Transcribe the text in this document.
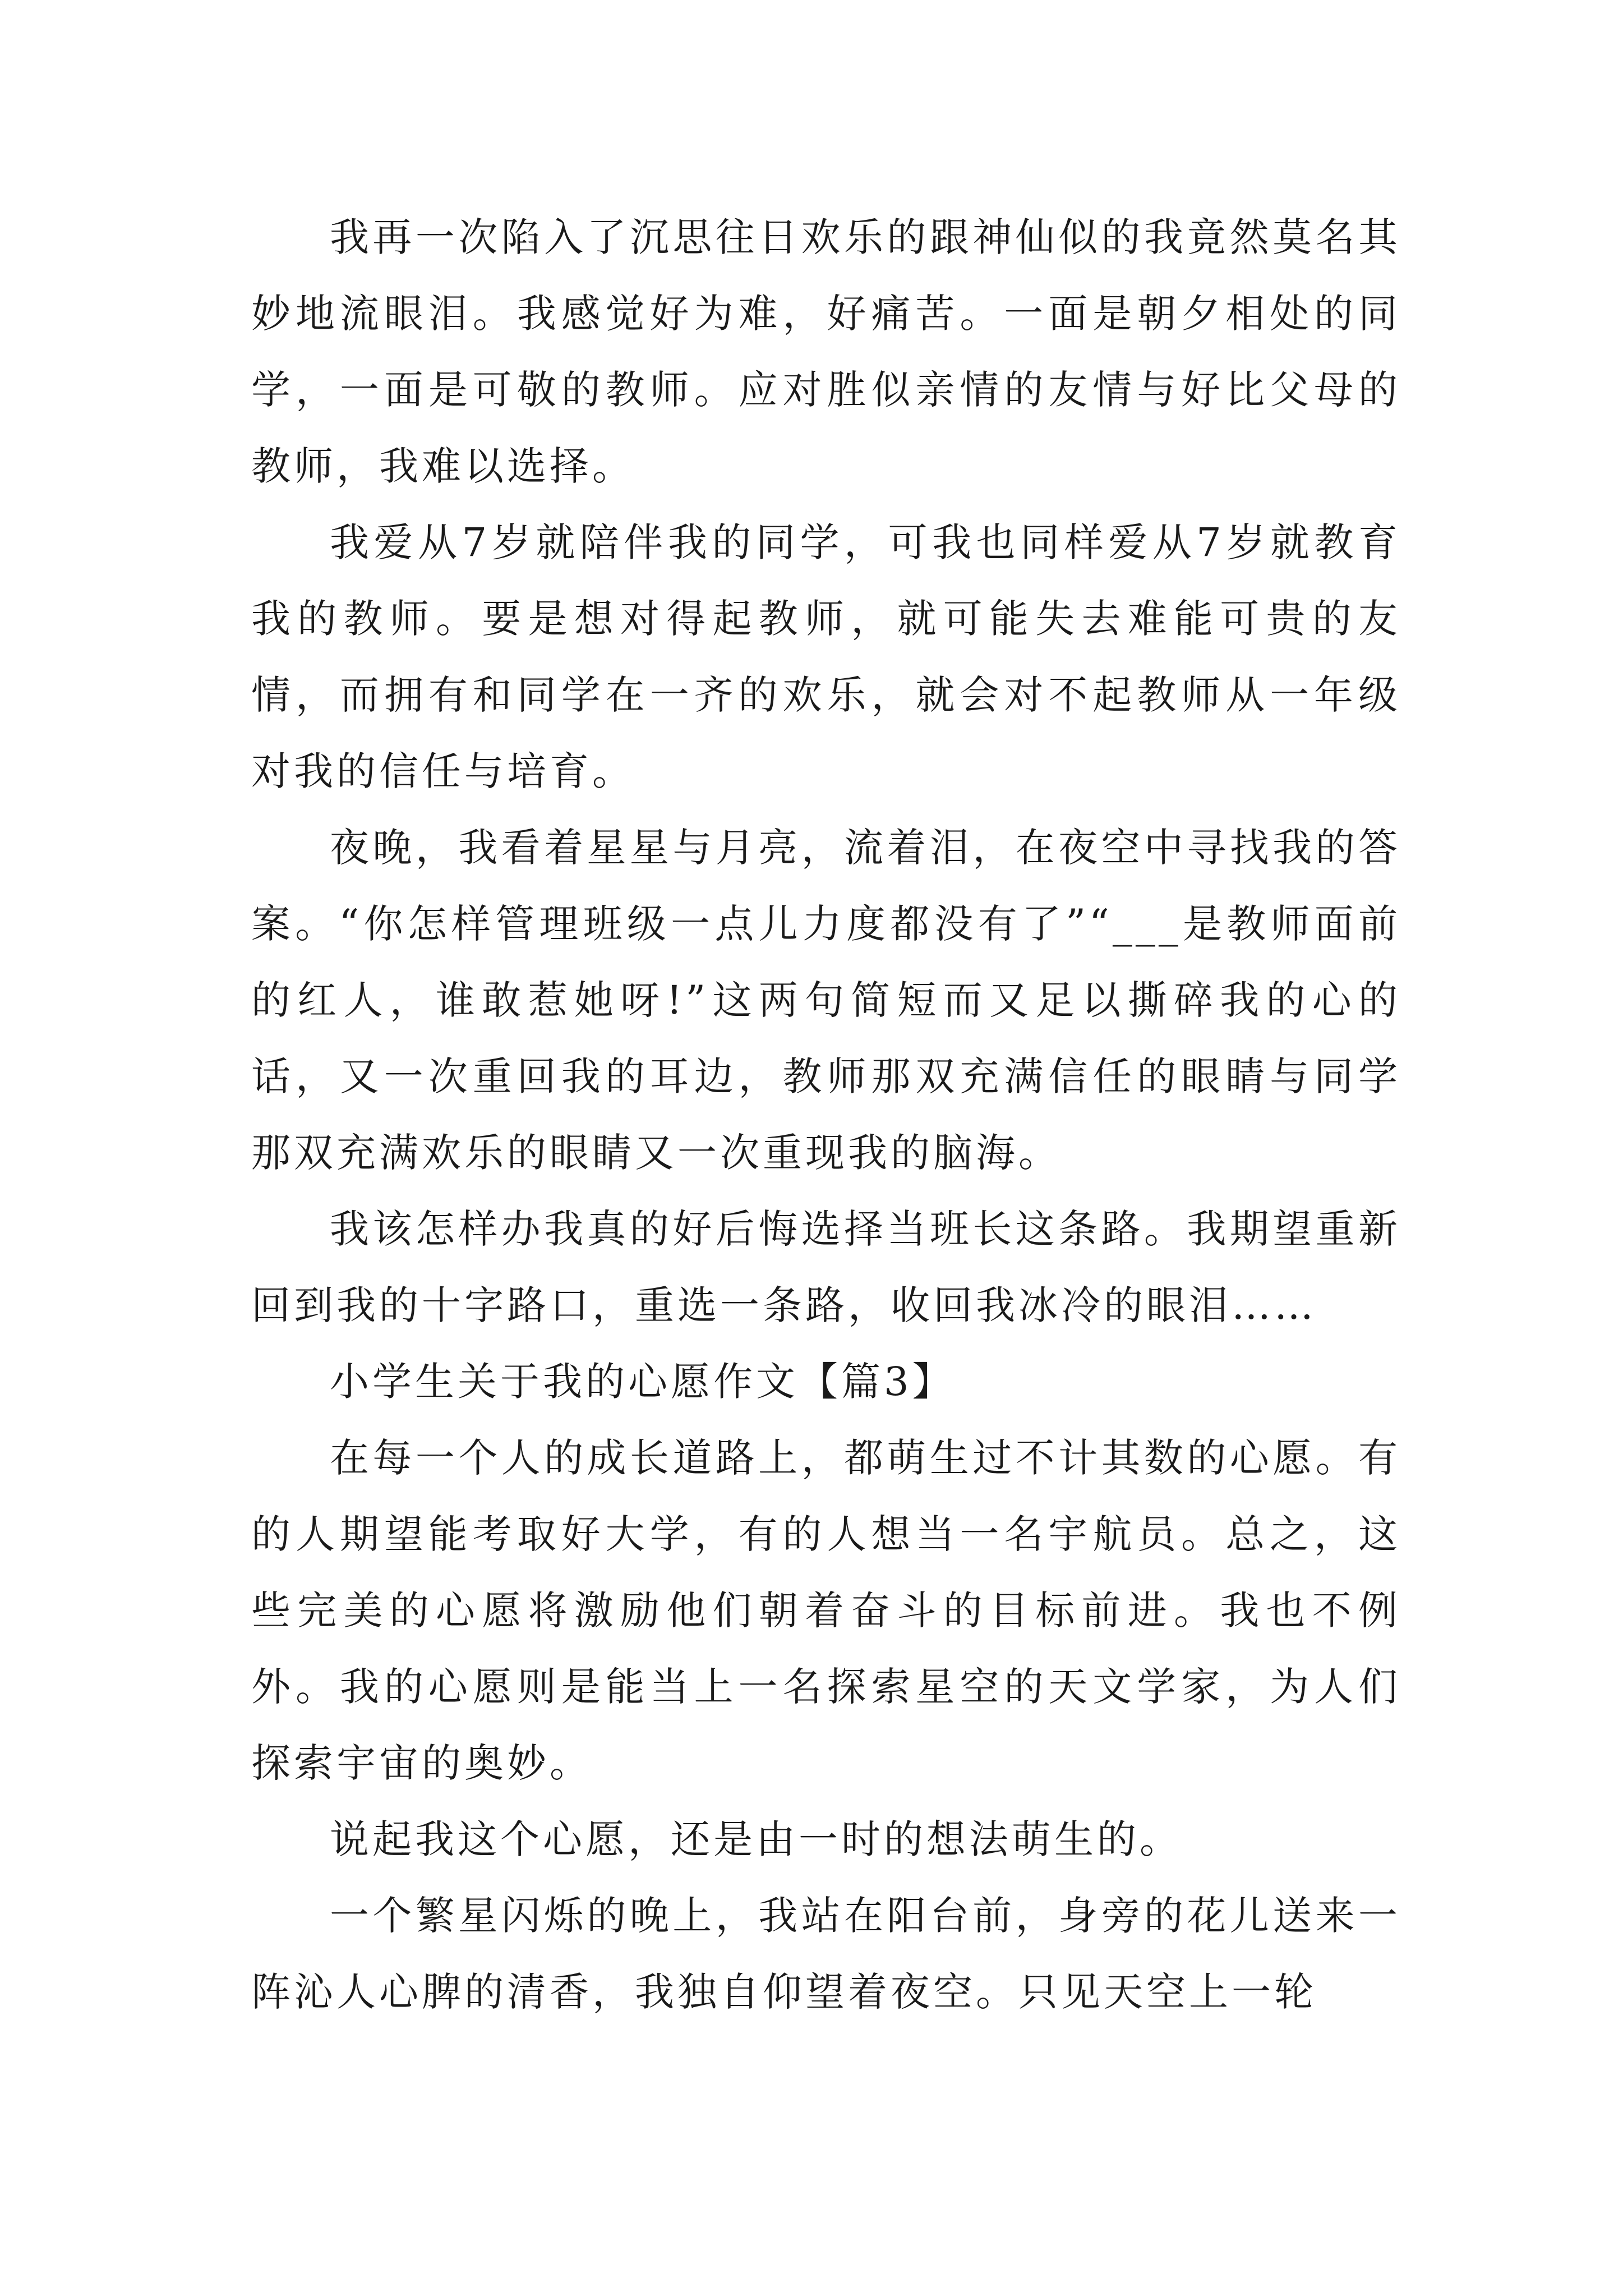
我再一次陷入了沉思往日欢乐的跟神仙似的我竟然莫名其妙地流眼泪。我感觉好为难，好痛苦。一面是朝夕相处的同学，一面是可敬的教师。应对胜似亲情的友情与好比父母的教师，我难以选择。

我爱从7岁就陪伴我的同学，可我也同样爱从7岁就教育我的教师。要是想对得起教师，就可能失去难能可贵的友情，而拥有和同学在一齐的欢乐，就会对不起教师从一年级对我的信任与培育。

夜晚，我看着星星与月亮，流着泪，在夜空中寻找我的答案。“你怎样管理班级一点儿力度都没有了”“___是教师面前的红人，谁敢惹她呀!”这两句简短而又足以撕碎我的心的话，又一次重回我的耳边，教师那双充满信任的眼睛与同学那双充满欢乐的眼睛又一次重现我的脑海。

我该怎样办我真的好后悔选择当班长这条路。我期望重新回到我的十字路口，重选一条路，收回我冰冷的眼泪……

小学生关于我的心愿作文【篇3】

在每一个人的成长道路上，都萌生过不计其数的心愿。有的人期望能考取好大学，有的人想当一名宇航员。总之，这些完美的心愿将激励他们朝着奋斗的目标前进。我也不例外。我的心愿则是能当上一名探索星空的天文学家，为人们探索宇宙的奥妙。

说起我这个心愿，还是由一时的想法萌生的。

一个繁星闪烁的晚上，我站在阳台前，身旁的花儿送来一阵沁人心脾的清香，我独自仰望着夜空。只见天空上一轮
